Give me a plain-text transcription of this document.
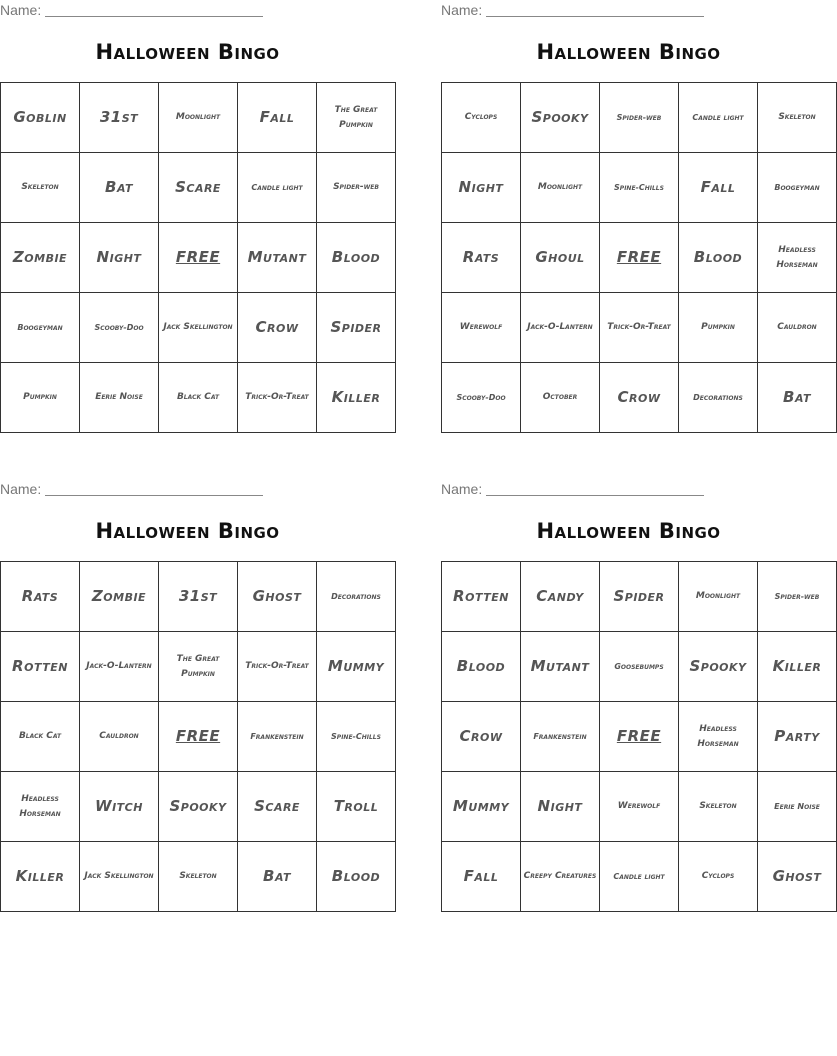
Name:
Halloween Bingo
Goblin	31st	Moonlight	Fall	The Great Pumpkin
Skeleton	Bat	Scare	Candle light	Spider-web
Zombie	Night	FREE	Mutant	Blood
Boogeyman	Scooby-Doo	Jack Skellington	Crow	Spider
Pumpkin	Eerie Noise	Black Cat	Trick-Or-Treat	Killer
Name:
Halloween Bingo
Cyclops	Spooky	Spider-web	Candle light	Skeleton
Night	Moonlight	Spine-Chills	Fall	Boogeyman
Rats	Ghoul	FREE	Blood	Headless Horseman
Werewolf	Jack-O-Lantern	Trick-Or-Treat	Pumpkin	Cauldron
Scooby-Doo	October	Crow	Decorations	Bat
Name:
Halloween Bingo
Rats	Zombie	31st	Ghost	Decorations
Rotten	Jack-O-Lantern	The Great Pumpkin	Trick-Or-Treat	Mummy
Black Cat	Cauldron	FREE	Frankenstein	Spine-Chills
Headless Horseman	Witch	Spooky	Scare	Troll
Killer	Jack Skellington	Skeleton	Bat	Blood
Name:
Halloween Bingo
Rotten	Candy	Spider	Moonlight	Spider-web
Blood	Mutant	Goosebumps	Spooky	Killer
Crow	Frankenstein	FREE	Headless Horseman	Party
Mummy	Night	Werewolf	Skeleton	Eerie Noise
Fall	Creepy Creatures	Candle light	Cyclops	Ghost
